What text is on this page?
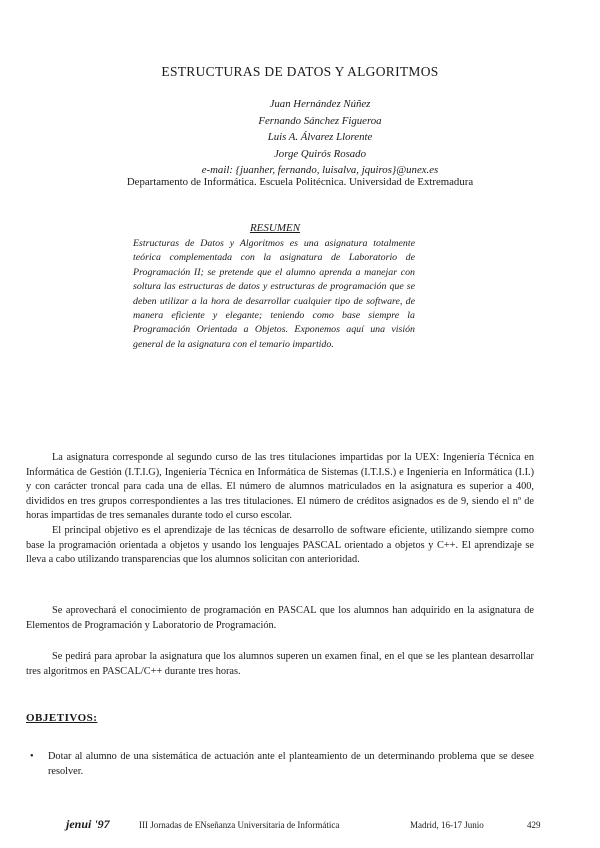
ESTRUCTURAS DE DATOS Y ALGORITMOS
Juan Hernández Núñez
Fernando Sánchez Figueroa
Luis A. Álvarez Llorente
Jorge Quirós Rosado
e-mail: {juanher, fernando, luisalva, jquiros}@unex.es
Departamento de Informática. Escuela Politécnica. Universidad de Extremadura
RESUMEN
Estructuras de Datos y Algoritmos es una asignatura totalmente teórica complementada con la asignatura de Laboratorio de Programación II; se pretende que el alumno aprenda a manejar con soltura las estructuras de datos y estructuras de programación que se deben utilizar a la hora de desarrollar cualquier tipo de software, de manera eficiente y elegante; teniendo como base siempre la Programación Orientada a Objetos. Exponemos aquí una visión general de la asignatura con el temario impartido.
La asignatura corresponde al segundo curso de las tres titulaciones impartidas por la UEX: Ingeniería Técnica en Informática de Gestión (I.T.I.G), Ingeniería Técnica en Informática de Sistemas (I.T.I.S.) e Ingeniería en Informática (I.I.) y con carácter troncal para cada una de ellas. El número de alumnos matriculados en la asignatura es superior a 400, divididos en tres grupos correspondientes a las tres titulaciones. El número de créditos asignados es de 9, siendo el nº de horas impartidas de tres semanales durante todo el curso escolar.
El principal objetivo es el aprendizaje de las técnicas de desarrollo de software eficiente, utilizando siempre como base la programación orientada a objetos y usando los lenguajes PASCAL orientado a objetos y C++. El aprendizaje se lleva a cabo utilizando transparencias que los alumnos solicitan con anterioridad.
Se aprovechará el conocimiento de programación en PASCAL que los alumnos han adquirido en la asignatura de Elementos de Programación y Laboratorio de Programación.
Se pedirá para aprobar la asignatura que los alumnos superen un examen final, en el que se les plantean desarrollar tres algoritmos en PASCAL/C++ durante tres horas.
OBJETIVOS:
•	Dotar al alumno de una sistemática de actuación ante el planteamiento de un determinando problema que se desee resolver.
jenui '97	III Jornadas de ENseñanza Universitaria de Informática	Madrid, 16-17 Junio	429
